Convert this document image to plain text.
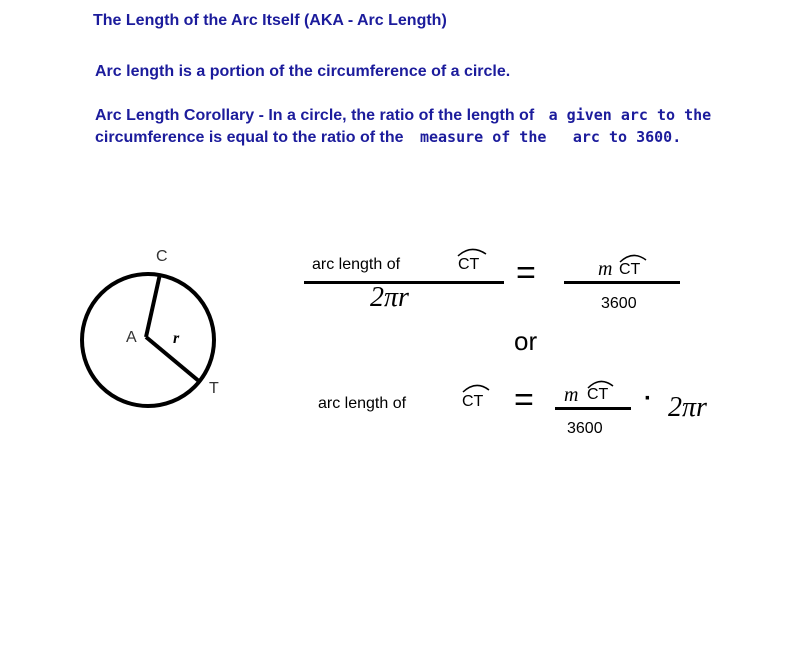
The Length of the Arc Itself (AKA - Arc Length)
Arc length is a portion of the circumference of a circle.
Arc Length Corollary - In a circle, the ratio of the length of a given arc to the
circumference is equal to the ratio of the measure of the arc to 3600.
C
A
T
r
arc length of	CT
2πr
=	m CT
3600
or
arc length of	CT = m CT
3600
· 2πr
